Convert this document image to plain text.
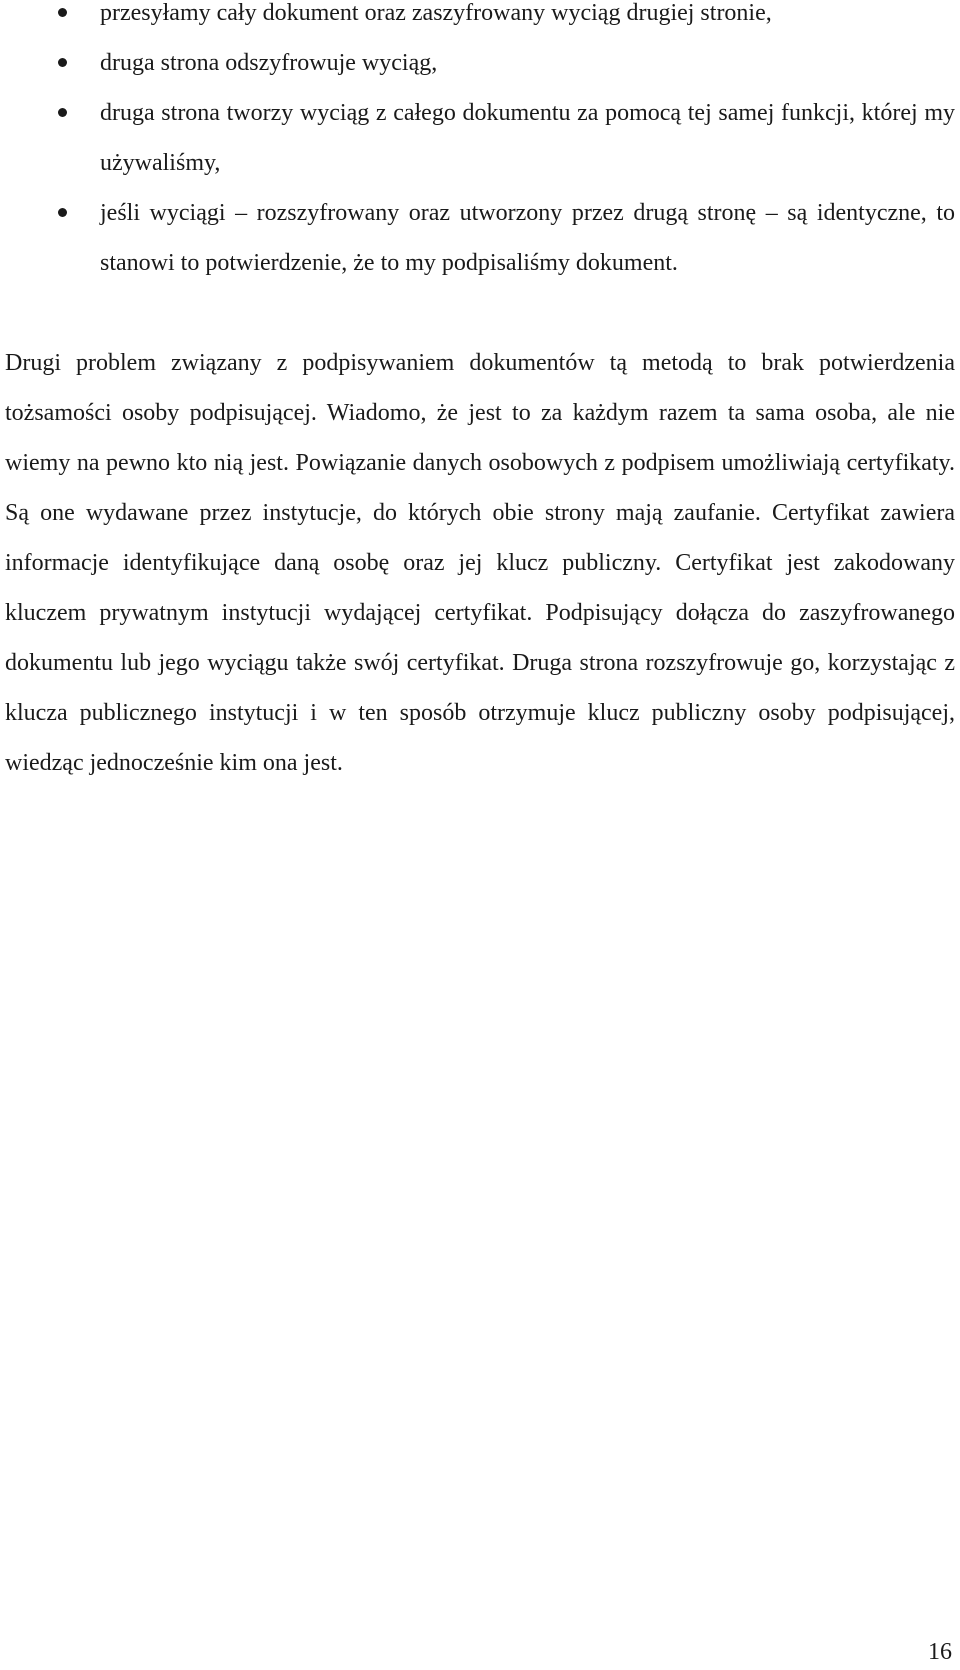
przesyłamy cały dokument oraz zaszyfrowany wyciąg drugiej stronie,
druga strona odszyfrowuje wyciąg,
druga strona tworzy wyciąg z całego dokumentu za pomocą tej samej funkcji, której my używaliśmy,
jeśli wyciągi – rozszyfrowany oraz utworzony przez drugą stronę – są identyczne, to stanowi to potwierdzenie, że to my podpisaliśmy dokument.

Drugi problem związany z podpisywaniem dokumentów tą metodą to brak potwierdzenia tożsamości osoby podpisującej. Wiadomo, że jest to za każdym razem ta sama osoba, ale nie wiemy na pewno kto nią jest. Powiązanie danych osobowych z podpisem umożliwiają certyfikaty. Są one wydawane przez instytucje, do których obie strony mają zaufanie. Certyfikat zawiera informacje identyfikujące daną osobę oraz jej klucz publiczny. Certyfikat jest zakodowany kluczem prywatnym instytucji wydającej certyfikat. Podpisujący dołącza do zaszyfrowanego dokumentu lub jego wyciągu także swój certyfikat. Druga strona rozszyfrowuje go, korzystając z klucza publicznego instytucji i w ten sposób otrzymuje klucz publiczny osoby podpisującej, wiedząc jednocześnie kim ona jest.

16
